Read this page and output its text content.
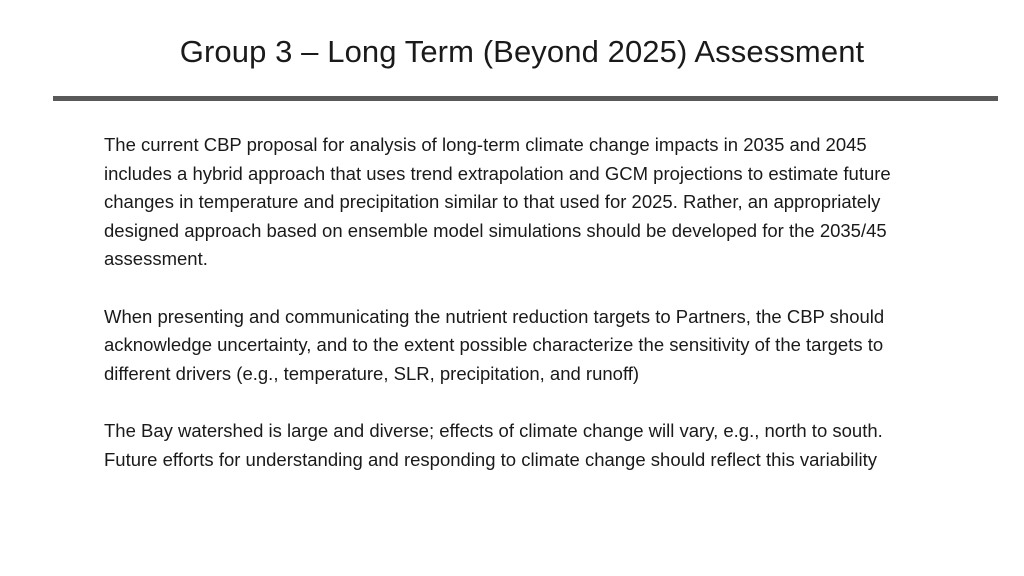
Group 3 – Long Term (Beyond 2025) Assessment

The current CBP proposal for analysis of long-term climate change impacts in 2035 and 2045 includes a hybrid approach that uses trend extrapolation and GCM projections to estimate future changes in temperature and precipitation similar to that used for 2025. Rather, an appropriately designed approach based on ensemble model simulations should be developed for the 2035/45 assessment.

When presenting and communicating the nutrient reduction targets to Partners, the CBP should acknowledge uncertainty, and to the extent possible characterize the sensitivity of the targets to different drivers (e.g., temperature, SLR, precipitation, and runoff)

The Bay watershed is large and diverse; effects of climate change will vary, e.g., north to south. Future efforts for understanding and responding to climate change should reflect this variability
